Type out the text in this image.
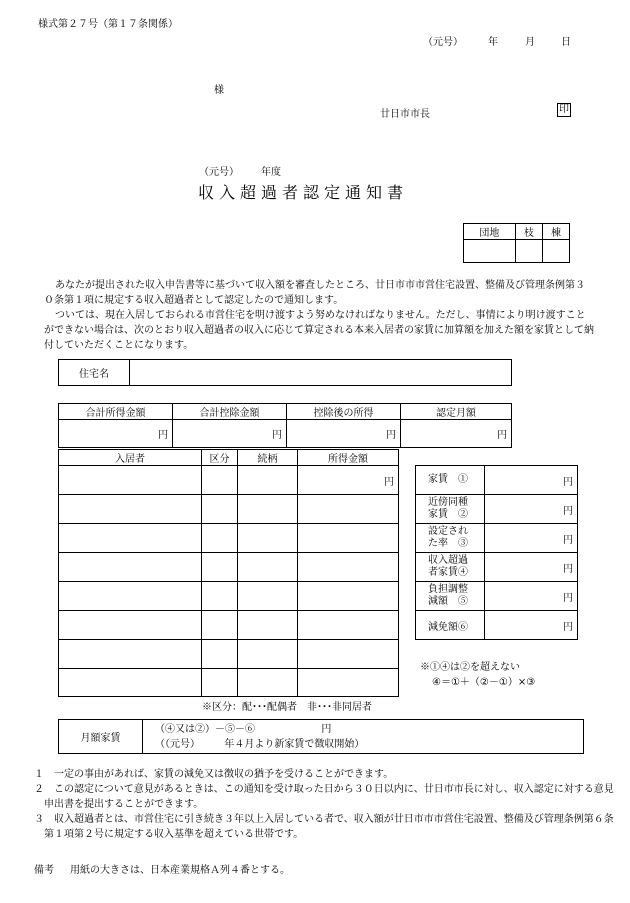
様式第２７号（第１７条関係）
（元号）	年	月	日
様
廿日市市長	印
（元号） 年度
収入超過者認定通知書
団地	枝	棟

あなたが提出された収入申告書等に基づいて収入額を審査したところ、廿日市市市営住宅設置、整備及び管理条例第３０条第１項に規定する収入超過者として認定したので通知します。
ついては、現在入居しておられる市営住宅を明け渡すよう努めなければなりません。ただし、事情により明け渡すことができない場合は、次のとおり収入超過者の収入に応じて算定される本来入居者の家賃に加算額を加えた額を家賃として納付していただくことになります。
住宅名	
合計所得金額	合計控除金額	控除後の所得	認定月額
円	円	円	円
入居者	区分	続柄	所得金額
			円

※区分：配･･･配偶者　非･･･非同居者
家賃　①	円
近傍同種
家賃　②	円
設定され
た率　③	円
収入超過
者家賃④	円
負担調整
減額　⑤	円
減免額⑥	円
※①④は②を超えない
④＝①＋（②－①）×③
月額家賃	（④又は②）－⑤－⑥	円
（（元号） 年４月より新家賃で徴収開始）
１　 一定の事由があれば、家賃の減免又は徴収の猶予を受けることができます。
２　 この認定について意見があるときは、この通知を受け取った日から３０日以内に、廿日市市長に対し、収入認定に対する意見申出書を提出することができます。
３　 収入超過者とは、市営住宅に引き続き３年以上入居している者で、収入額が廿日市市市営住宅設置、整備及び管理条例第６条第１項第２号に規定する収入基準を超えている世帯です。
備考 用紙の大きさは、日本産業規格Ａ列４番とする。
